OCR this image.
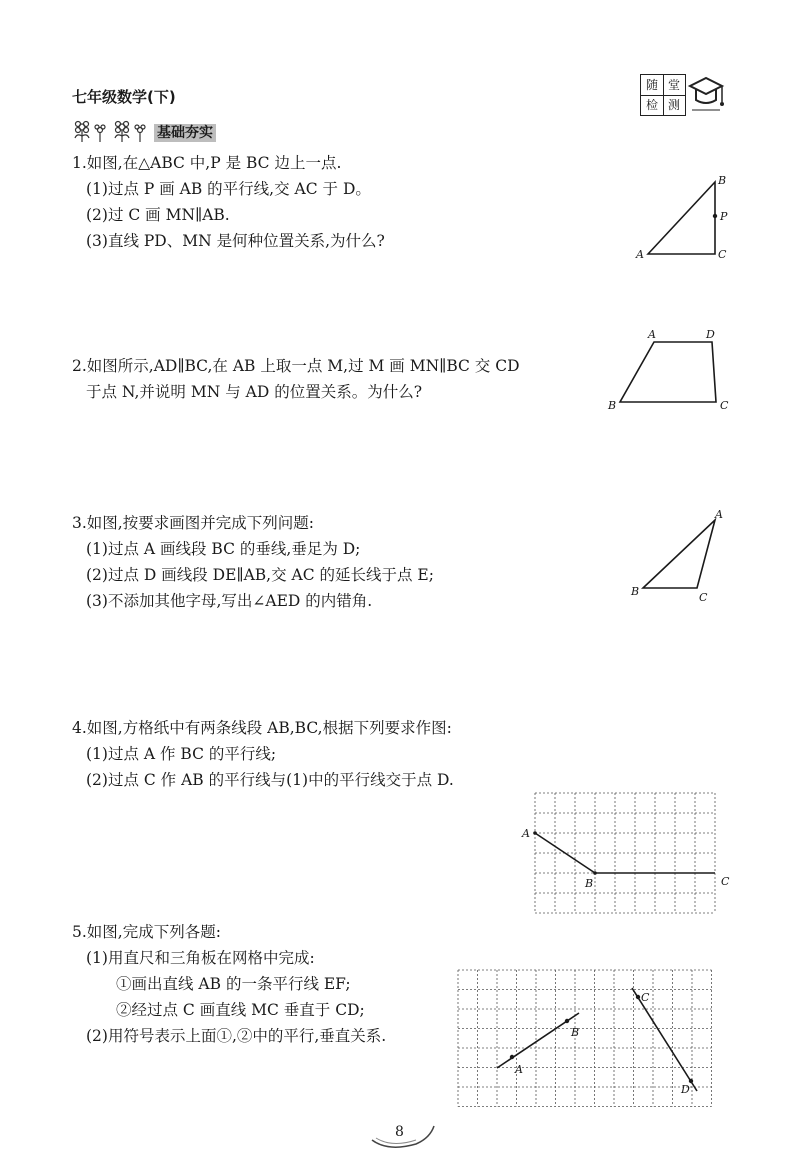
七年级数学(下)
随 堂
检 测
基础夯实
1.如图,在△ABC 中,P 是 BC 边上一点.
(1)过点 P 画 AB 的平行线,交 AC 于 D。
(2)过 C 画 MN∥AB.
(3)直线 PD、MN 是何种位置关系,为什么?
A
B
C
P
2.如图所示,AD∥BC,在 AB 上取一点 M,过 M 画 MN∥BC 交 CD
于点 N,并说明 MN 与 AD 的位置关系。为什么?
A	D
B	C
3.如图,按要求画图并完成下列问题:
(1)过点 A 画线段 BC 的垂线,垂足为 D;
(2)过点 D 画线段 DE∥AB,交 AC 的延长线于点 E;
(3)不添加其他字母,写出∠AED 的内错角.
A
B	C
4.如图,方格纸中有两条线段 AB,BC,根据下列要求作图:
(1)过点 A 作 BC 的平行线;
(2)过点 C 作 AB 的平行线与(1)中的平行线交于点 D.
A
B	C
5.如图,完成下列各题:
(1)用直尺和三角板在网格中完成:
①画出直线 AB 的一条平行线 EF;
②经过点 C 画直线 MC 垂直于 CD;
(2)用符号表示上面①,②中的平行,垂直关系.
A
B
C
D
8
